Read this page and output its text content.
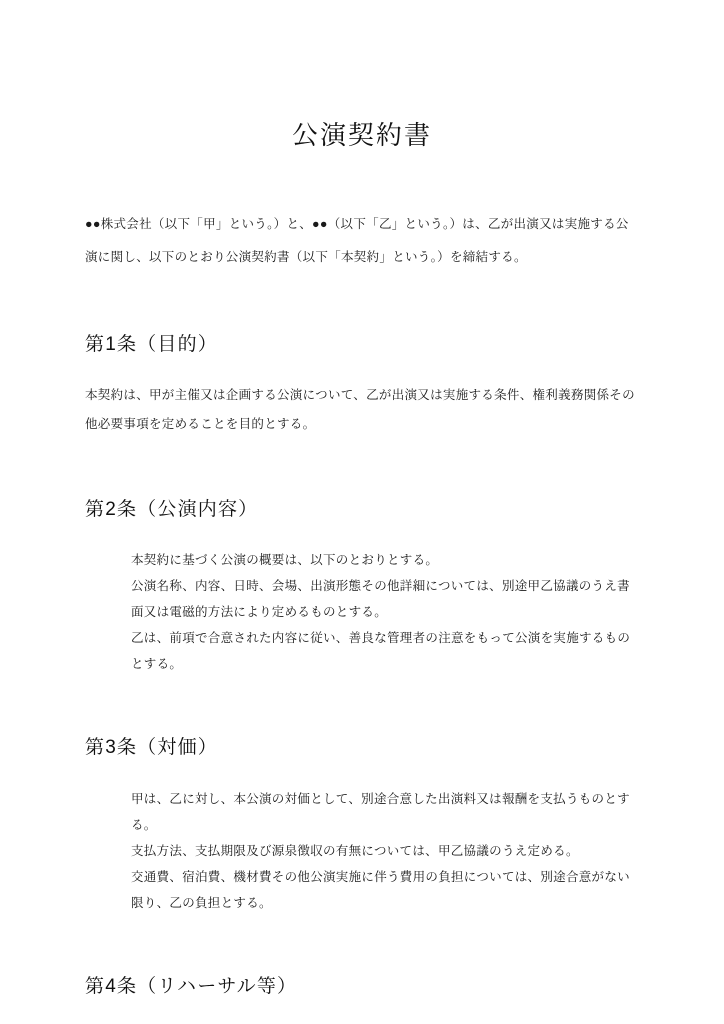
公演契約書

●●株式会社（以下「甲」という。）と、●●（以下「乙」という。）は、乙が出演又は実施する公演に関し、以下のとおり公演契約書（以下「本契約」という。）を締結する。

第1条（目的）

本契約は、甲が主催又は企画する公演について、乙が出演又は実施する条件、権利義務関係その他必要事項を定めることを目的とする。

第2条（公演内容）

本契約に基づく公演の概要は、以下のとおりとする。

公演名称、内容、日時、会場、出演形態その他詳細については、別途甲乙協議のうえ書面又は電磁的方法により定めるものとする。

乙は、前項で合意された内容に従い、善良な管理者の注意をもって公演を実施するものとする。

第3条（対価）

甲は、乙に対し、本公演の対価として、別途合意した出演料又は報酬を支払うものとする。

支払方法、支払期限及び源泉徴収の有無については、甲乙協議のうえ定める。

交通費、宿泊費、機材費その他公演実施に伴う費用の負担については、別途合意がない限り、乙の負担とする。

第4条（リハーサル等）
